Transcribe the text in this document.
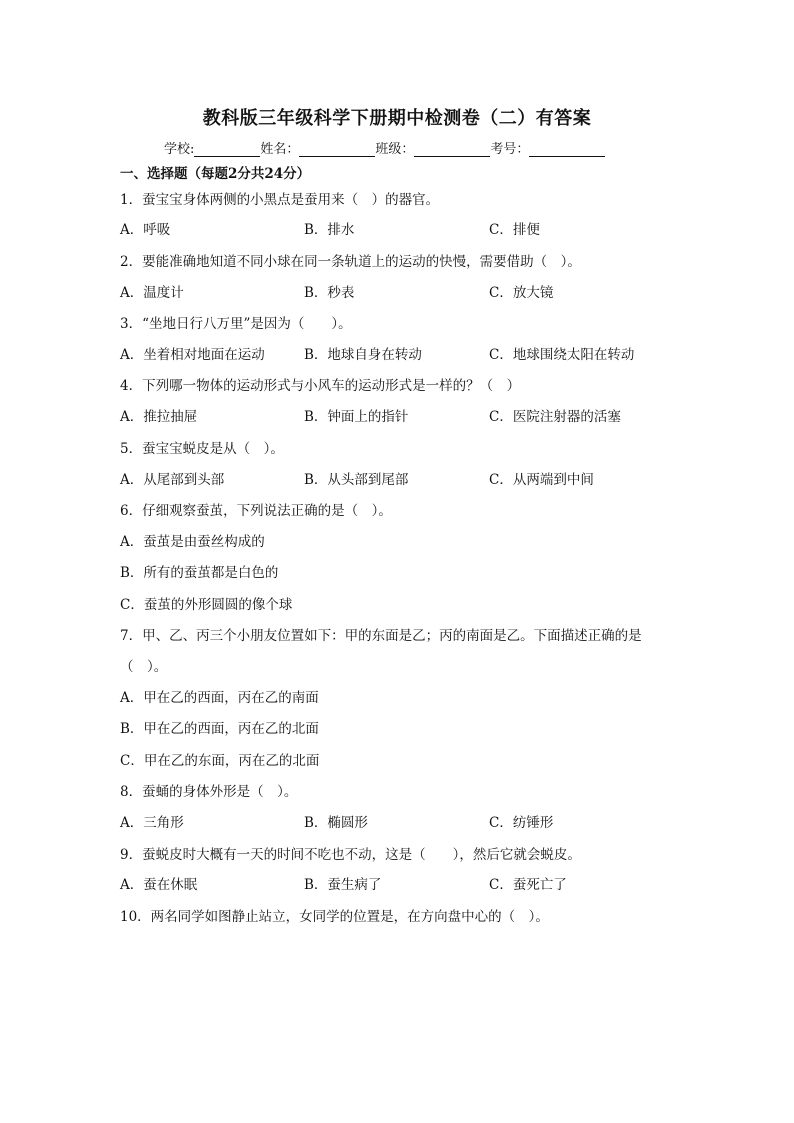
教科版三年级科学下册期中检测卷（二）有答案
学校:	姓名：	班级：	考号：
一、选择题（每题2分共24分）
1．蚕宝宝身体两侧的小黑点是蚕用来（　）的器官。
A．呼吸	B．排水	C．排便
2．要能准确地知道不同小球在同一条轨道上的运动的快慢，需要借助（　）。
A．温度计	B．秒表	C．放大镜
3．“坐地日行八万里”是因为（　　）。
A．坐着相对地面在运动	B．地球自身在转动	C．地球围绕太阳在转动
4．下列哪一物体的运动形式与小风车的运动形式是一样的？（　）
A．推拉抽屉	B．钟面上的指针	C．医院注射器的活塞
5．蚕宝宝蜕皮是从（　）。
A．从尾部到头部	B．从头部到尾部	C．从两端到中间
6．仔细观察蚕茧，下列说法正确的是（　）。
A．蚕茧是由蚕丝构成的
B．所有的蚕茧都是白色的
C．蚕茧的外形圆圆的像个球
7．甲、乙、丙三个小朋友位置如下：甲的东面是乙；丙的南面是乙。下面描述正确的是
（　）。
A．甲在乙的西面，丙在乙的南面
B．甲在乙的西面，丙在乙的北面
C．甲在乙的东面，丙在乙的北面
8．蚕蛹的身体外形是（　）。
A．三角形	B．椭圆形	C．纺锤形
9．蚕蜕皮时大概有一天的时间不吃也不动，这是（　　），然后它就会蜕皮。
A．蚕在休眠	B．蚕生病了	C．蚕死亡了
10．两名同学如图静止站立，女同学的位置是，在方向盘中心的（　）。
